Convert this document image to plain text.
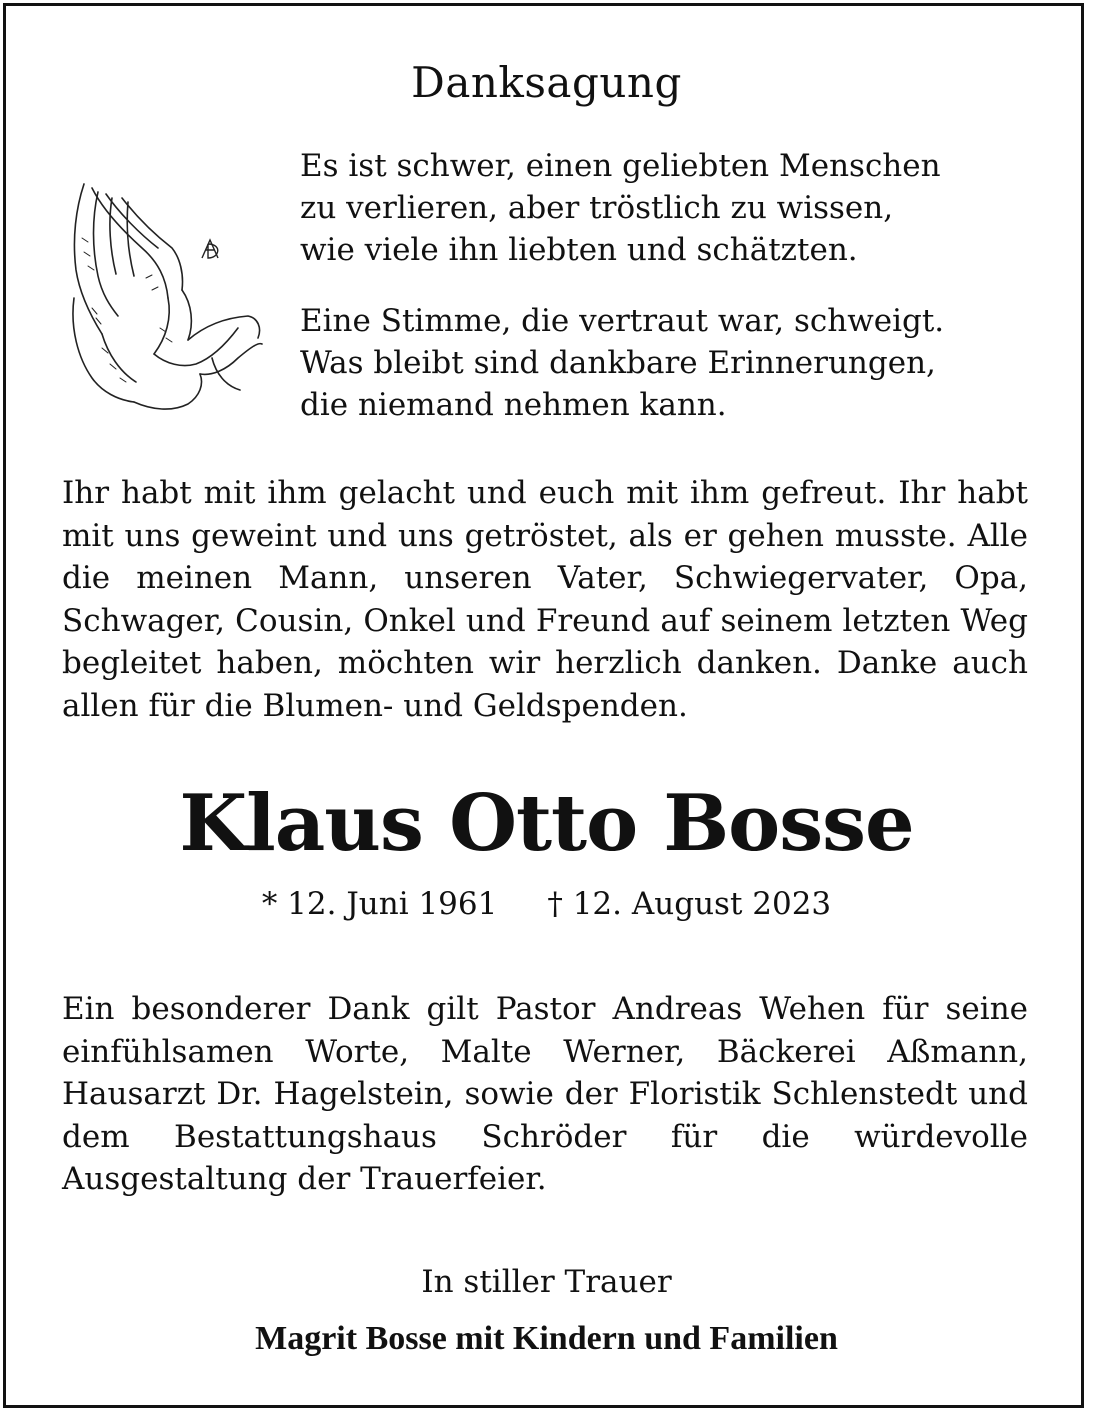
Danksagung

Es ist schwer, einen geliebten Menschen

zu verlieren, aber tröstlich zu wissen,

wie viele ihn liebten und schätzten.

Eine Stimme, die vertraut war, schweigt.

Was bleibt sind dankbare Erinnerungen,

die niemand nehmen kann.

Ihr habt mit ihm gelacht und euch mit ihm gefreut. Ihr habt mit uns geweint und uns getröstet, als er gehen musste. Alle die meinen Mann, unseren Vater, Schwiegervater, Opa, Schwager, Cousin, Onkel und Freund auf seinem letzten Weg begleitet haben, möchten wir herzlich danken. Danke auch allen für die Blumen- und Geldspenden.

Klaus Otto Bosse
* 12. Juni 1961 † 12. August 2023

Ein besonderer Dank gilt Pastor Andreas Wehen für seine einfühlsamen Worte, Malte Werner, Bäckerei Aßmann, Hausarzt Dr. Hagelstein, sowie der Floristik Schlenstedt und dem Bestattungshaus Schröder für die würdevolle Ausgestaltung der Trauerfeier.

In stiller Trauer
Magrit Bosse mit Kindern und Familien
